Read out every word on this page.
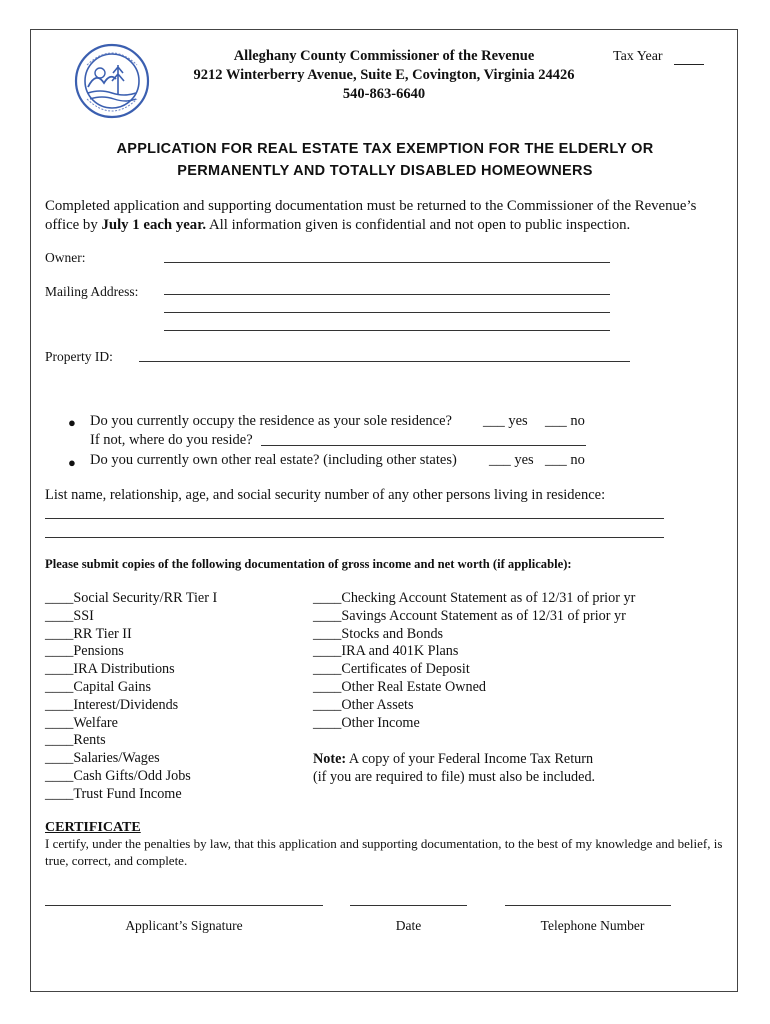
Alleghany County Commissioner of the Revenue
9212 Winterberry Avenue, Suite E, Covington, Virginia 24426
540-863-6640
Tax Year
APPLICATION FOR REAL ESTATE TAX EXEMPTION FOR THE ELDERLY OR
PERMANENTLY AND TOTALLY DISABLED HOMEOWNERS
Completed application and supporting documentation must be returned to the Commissioner of the Revenue’s office by July 1 each year. All information given is confidential and not open to public inspection.
Owner:
Mailing Address:
Property ID:
● Do you currently occupy the residence as your sole residence? ___ yes ___ no
If not, where do you reside?
● Do you currently own other real estate? (including other states) ___ yes ___ no
List name, relationship, age, and social security number of any other persons living in residence:
Please submit copies of the following documentation of gross income and net worth (if applicable):
____Social Security/RR Tier I
____SSI
____RR Tier II
____Pensions
____IRA Distributions
____Capital Gains
____Interest/Dividends
____Welfare
____Rents
____Salaries/Wages
____Cash Gifts/Odd Jobs
____Trust Fund Income
____Checking Account Statement as of 12/31 of prior yr
____Savings Account Statement as of 12/31 of prior yr
____Stocks and Bonds
____IRA and 401K Plans
____Certificates of Deposit
____Other Real Estate Owned
____Other Assets
____Other Income
Note: A copy of your Federal Income Tax Return
(if you are required to file) must also be included.
CERTIFICATE
I certify, under the penalties by law, that this application and supporting documentation, to the best of my knowledge and belief, is true, correct, and complete.
Applicant’s Signature	Date	Telephone Number
